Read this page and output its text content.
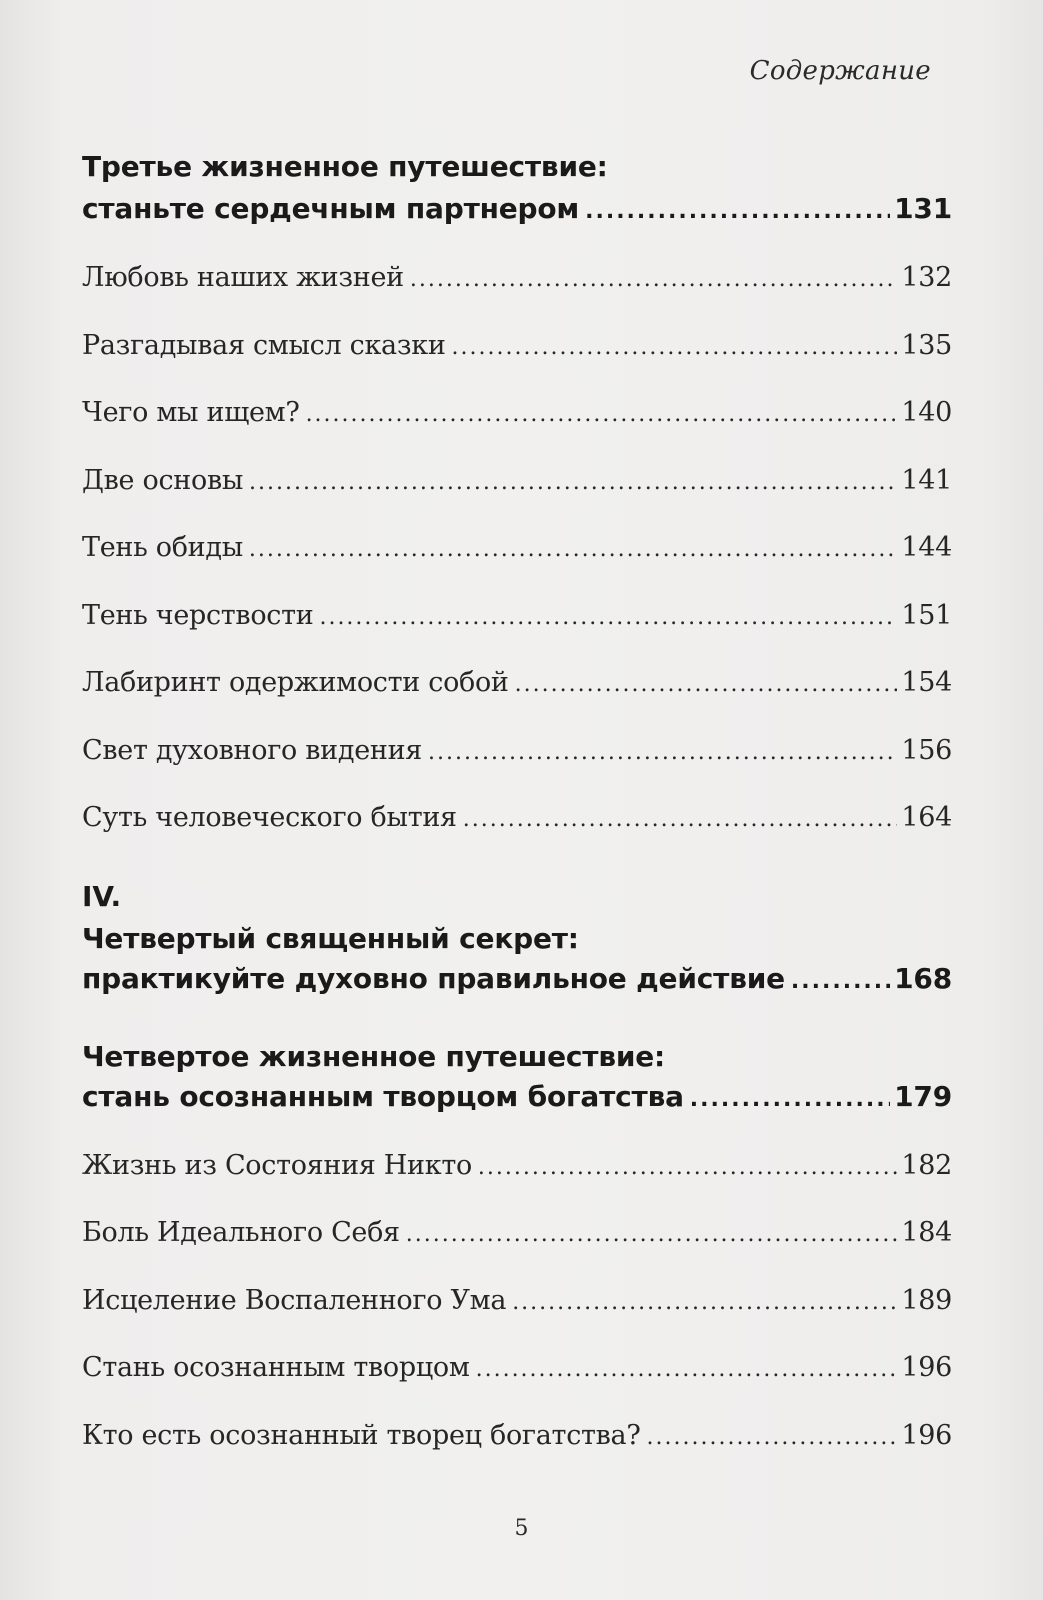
Содержание
Третье жизненное путешествие:
станьте сердечным партнером .....	131
Любовь наших жизней .....	132
Разгадывая смысл сказки .....	135
Чего мы ищем? .....	140
Две основы .....	141
Тень обиды .....	144
Тень черствости .....	151
Лабиринт одержимости собой .....	154
Свет духовного видения .....	156
Суть человеческого бытия .....	164
IV.
Четвертый священный секрет:
практикуйте духовно правильное действие .....	168
Четвертое жизненное путешествие:
стань осознанным творцом богатства .....	179
Жизнь из Состояния Никто .....	182
Боль Идеального Себя .....	184
Исцеление Воспаленного Ума .....	189
Стань осознанным творцом .....	196
Кто есть осознанный творец богатства? .....	196
5
